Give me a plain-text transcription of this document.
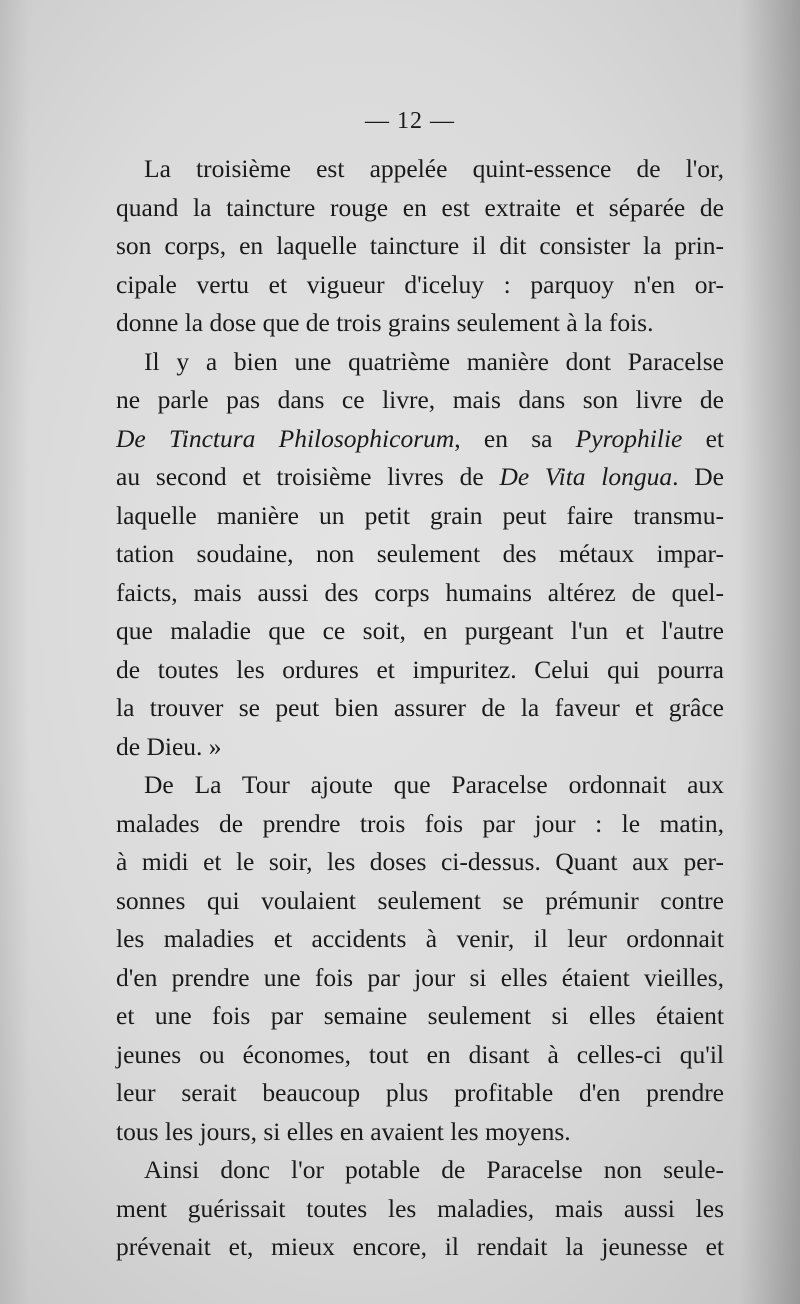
— 12 —
La troisième est appelée quint-essence de l'or,
quand la taincture rouge en est extraite et séparée de
son corps, en laquelle taincture il dit consister la prin-
cipale vertu et vigueur d'iceluy : parquoy n'en or-
donne la dose que de trois grains seulement à la fois.
Il y a bien une quatrième manière dont Paracelse
ne parle pas dans ce livre, mais dans son livre de
De Tinctura Philosophicorum, en sa Pyrophilie et
au second et troisième livres de De Vita longua. De
laquelle manière un petit grain peut faire transmu-
tation soudaine, non seulement des métaux impar-
faicts, mais aussi des corps humains altérez de quel-
que maladie que ce soit, en purgeant l'un et l'autre
de toutes les ordures et impuritez. Celui qui pourra
la trouver se peut bien assurer de la faveur et grâce
de Dieu. »
De La Tour ajoute que Paracelse ordonnait aux
malades de prendre trois fois par jour : le matin,
à midi et le soir, les doses ci-dessus. Quant aux per-
sonnes qui voulaient seulement se prémunir contre
les maladies et accidents à venir, il leur ordonnait
d'en prendre une fois par jour si elles étaient vieilles,
et une fois par semaine seulement si elles étaient
jeunes ou économes, tout en disant à celles-ci qu'il
leur serait beaucoup plus profitable d'en prendre
tous les jours, si elles en avaient les moyens.
Ainsi donc l'or potable de Paracelse non seule-
ment guérissait toutes les maladies, mais aussi les
prévenait et, mieux encore, il rendait la jeunesse et
